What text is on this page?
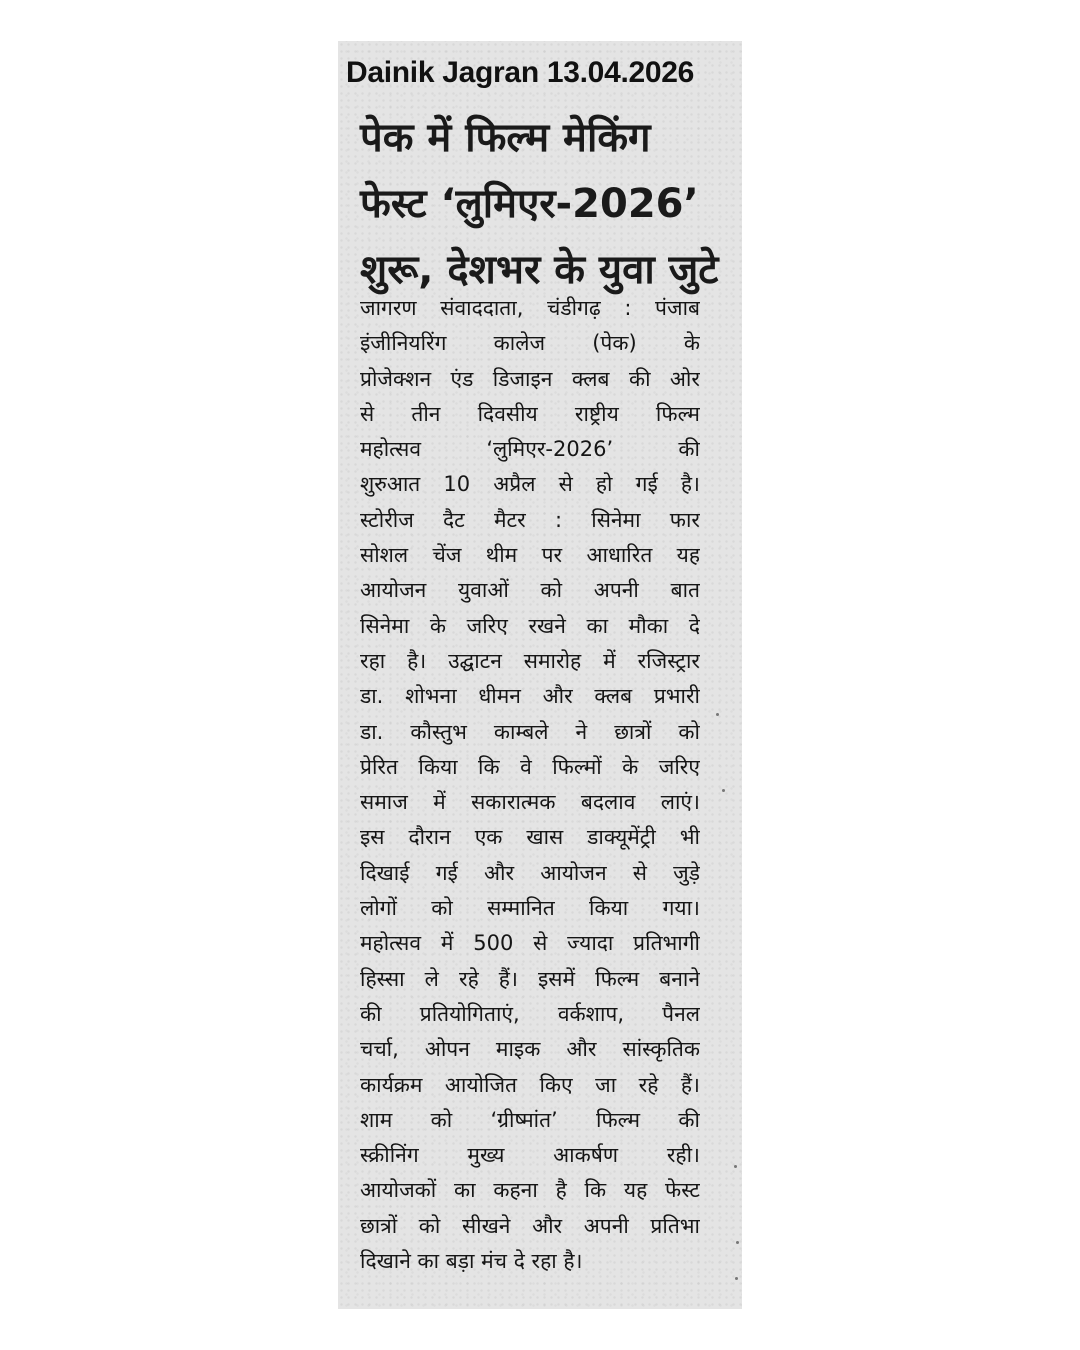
Dainik Jagran 13.04.2026
पेक में फिल्म मेकिंग
फेस्ट ‘लुमिएर-2026’
शुरू, देशभर के युवा जुटे
जागरण संवाददाता, चंडीगढ़ : पंजाब
इंजीनियरिंग कालेज (पेक) के
प्रोजेक्शन एंड डिजाइन क्लब की ओर
से तीन दिवसीय राष्ट्रीय फिल्म
महोत्सव ‘लुमिएर-2026’ की
शुरुआत 10 अप्रैल से हो गई है।
स्टोरीज दैट मैटर : सिनेमा फार
सोशल चेंज थीम पर आधारित यह
आयोजन युवाओं को अपनी बात
सिनेमा के जरिए रखने का मौका दे
रहा है। उद्घाटन समारोह में रजिस्ट्रार
डा. शोभना धीमन और क्लब प्रभारी
डा. कौस्तुभ काम्बले ने छात्रों को
प्रेरित किया कि वे फिल्मों के जरिए
समाज में सकारात्मक बदलाव लाएं।
इस दौरान एक खास डाक्यूमेंट्री भी
दिखाई गई और आयोजन से जुड़े
लोगों को सम्मानित किया गया।
महोत्सव में 500 से ज्यादा प्रतिभागी
हिस्सा ले रहे हैं। इसमें फिल्म बनाने
की प्रतियोगिताएं, वर्कशाप, पैनल
चर्चा, ओपन माइक और सांस्कृतिक
कार्यक्रम आयोजित किए जा रहे हैं।
शाम को ‘ग्रीष्मांत’ फिल्म की
स्क्रीनिंग मुख्य आकर्षण रही।
आयोजकों का कहना है कि यह फेस्ट
छात्रों को सीखने और अपनी प्रतिभा
दिखाने का बड़ा मंच दे रहा है।
